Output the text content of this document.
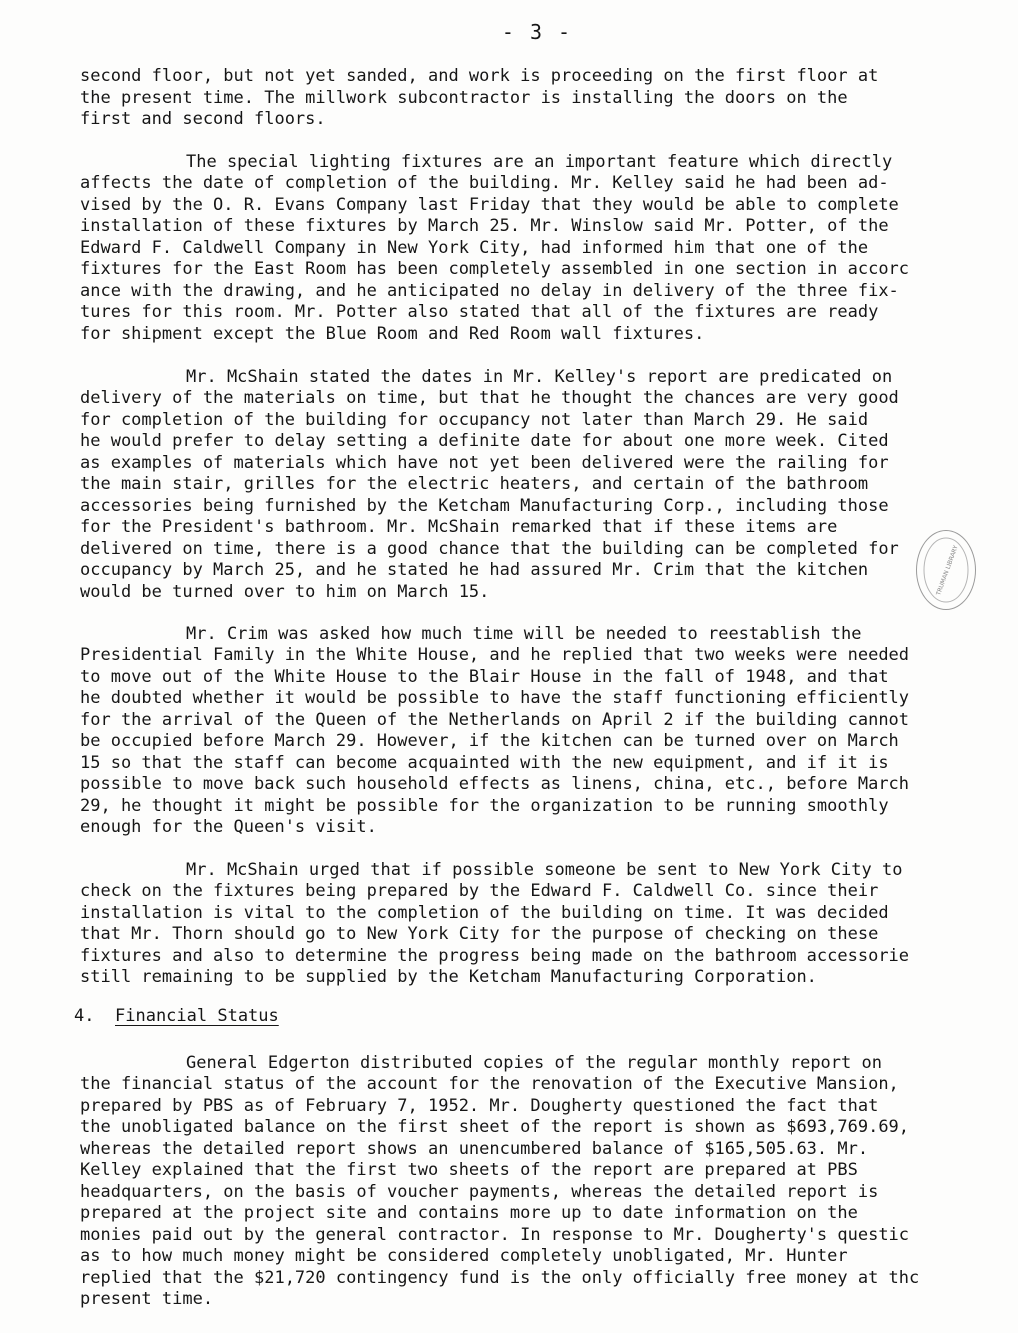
- 3 -
second floor, but not yet sanded, and work is proceeding on the first floor at
the present time. The millwork subcontractor is installing the doors on the
first and second floors.
The special lighting fixtures are an important feature which directly
affects the date of completion of the building. Mr. Kelley said he had been ad-
vised by the O. R. Evans Company last Friday that they would be able to complete
installation of these fixtures by March 25. Mr. Winslow said Mr. Potter, of the
Edward F. Caldwell Company in New York City, had informed him that one of the
fixtures for the East Room has been completely assembled in one section in accorc
ance with the drawing, and he anticipated no delay in delivery of the three fix-
tures for this room. Mr. Potter also stated that all of the fixtures are ready
for shipment except the Blue Room and Red Room wall fixtures.
Mr. McShain stated the dates in Mr. Kelley's report are predicated on
delivery of the materials on time, but that he thought the chances are very good
for completion of the building for occupancy not later than March 29. He said
he would prefer to delay setting a definite date for about one more week. Cited
as examples of materials which have not yet been delivered were the railing for
the main stair, grilles for the electric heaters, and certain of the bathroom
accessories being furnished by the Ketcham Manufacturing Corp., including those
for the President's bathroom. Mr. McShain remarked that if these items are
delivered on time, there is a good chance that the building can be completed for
occupancy by March 25, and he stated he had assured Mr. Crim that the kitchen
would be turned over to him on March 15.
Mr. Crim was asked how much time will be needed to reestablish the
Presidential Family in the White House, and he replied that two weeks were needed
to move out of the White House to the Blair House in the fall of 1948, and that
he doubted whether it would be possible to have the staff functioning efficiently
for the arrival of the Queen of the Netherlands on April 2 if the building cannot
be occupied before March 29. However, if the kitchen can be turned over on March
15 so that the staff can become acquainted with the new equipment, and if it is
possible to move back such household effects as linens, china, etc., before March
29, he thought it might be possible for the organization to be running smoothly
enough for the Queen's visit.
Mr. McShain urged that if possible someone be sent to New York City to
check on the fixtures being prepared by the Edward F. Caldwell Co. since their
installation is vital to the completion of the building on time. It was decided
that Mr. Thorn should go to New York City for the purpose of checking on these
fixtures and also to determine the progress being made on the bathroom accessorie
still remaining to be supplied by the Ketcham Manufacturing Corporation.
4. Financial Status
General Edgerton distributed copies of the regular monthly report on
the financial status of the account for the renovation of the Executive Mansion,
prepared by PBS as of February 7, 1952. Mr. Dougherty questioned the fact that
the unobligated balance on the first sheet of the report is shown as $693,769.69,
whereas the detailed report shows an unencumbered balance of $165,505.63. Mr.
Kelley explained that the first two sheets of the report are prepared at PBS
headquarters, on the basis of voucher payments, whereas the detailed report is
prepared at the project site and contains more up to date information on the
monies paid out by the general contractor. In response to Mr. Dougherty's questic
as to how much money might be considered completely unobligated, Mr. Hunter
replied that the $21,720 contingency fund is the only officially free money at thc
present time.
TRUMAN LIBRARY
